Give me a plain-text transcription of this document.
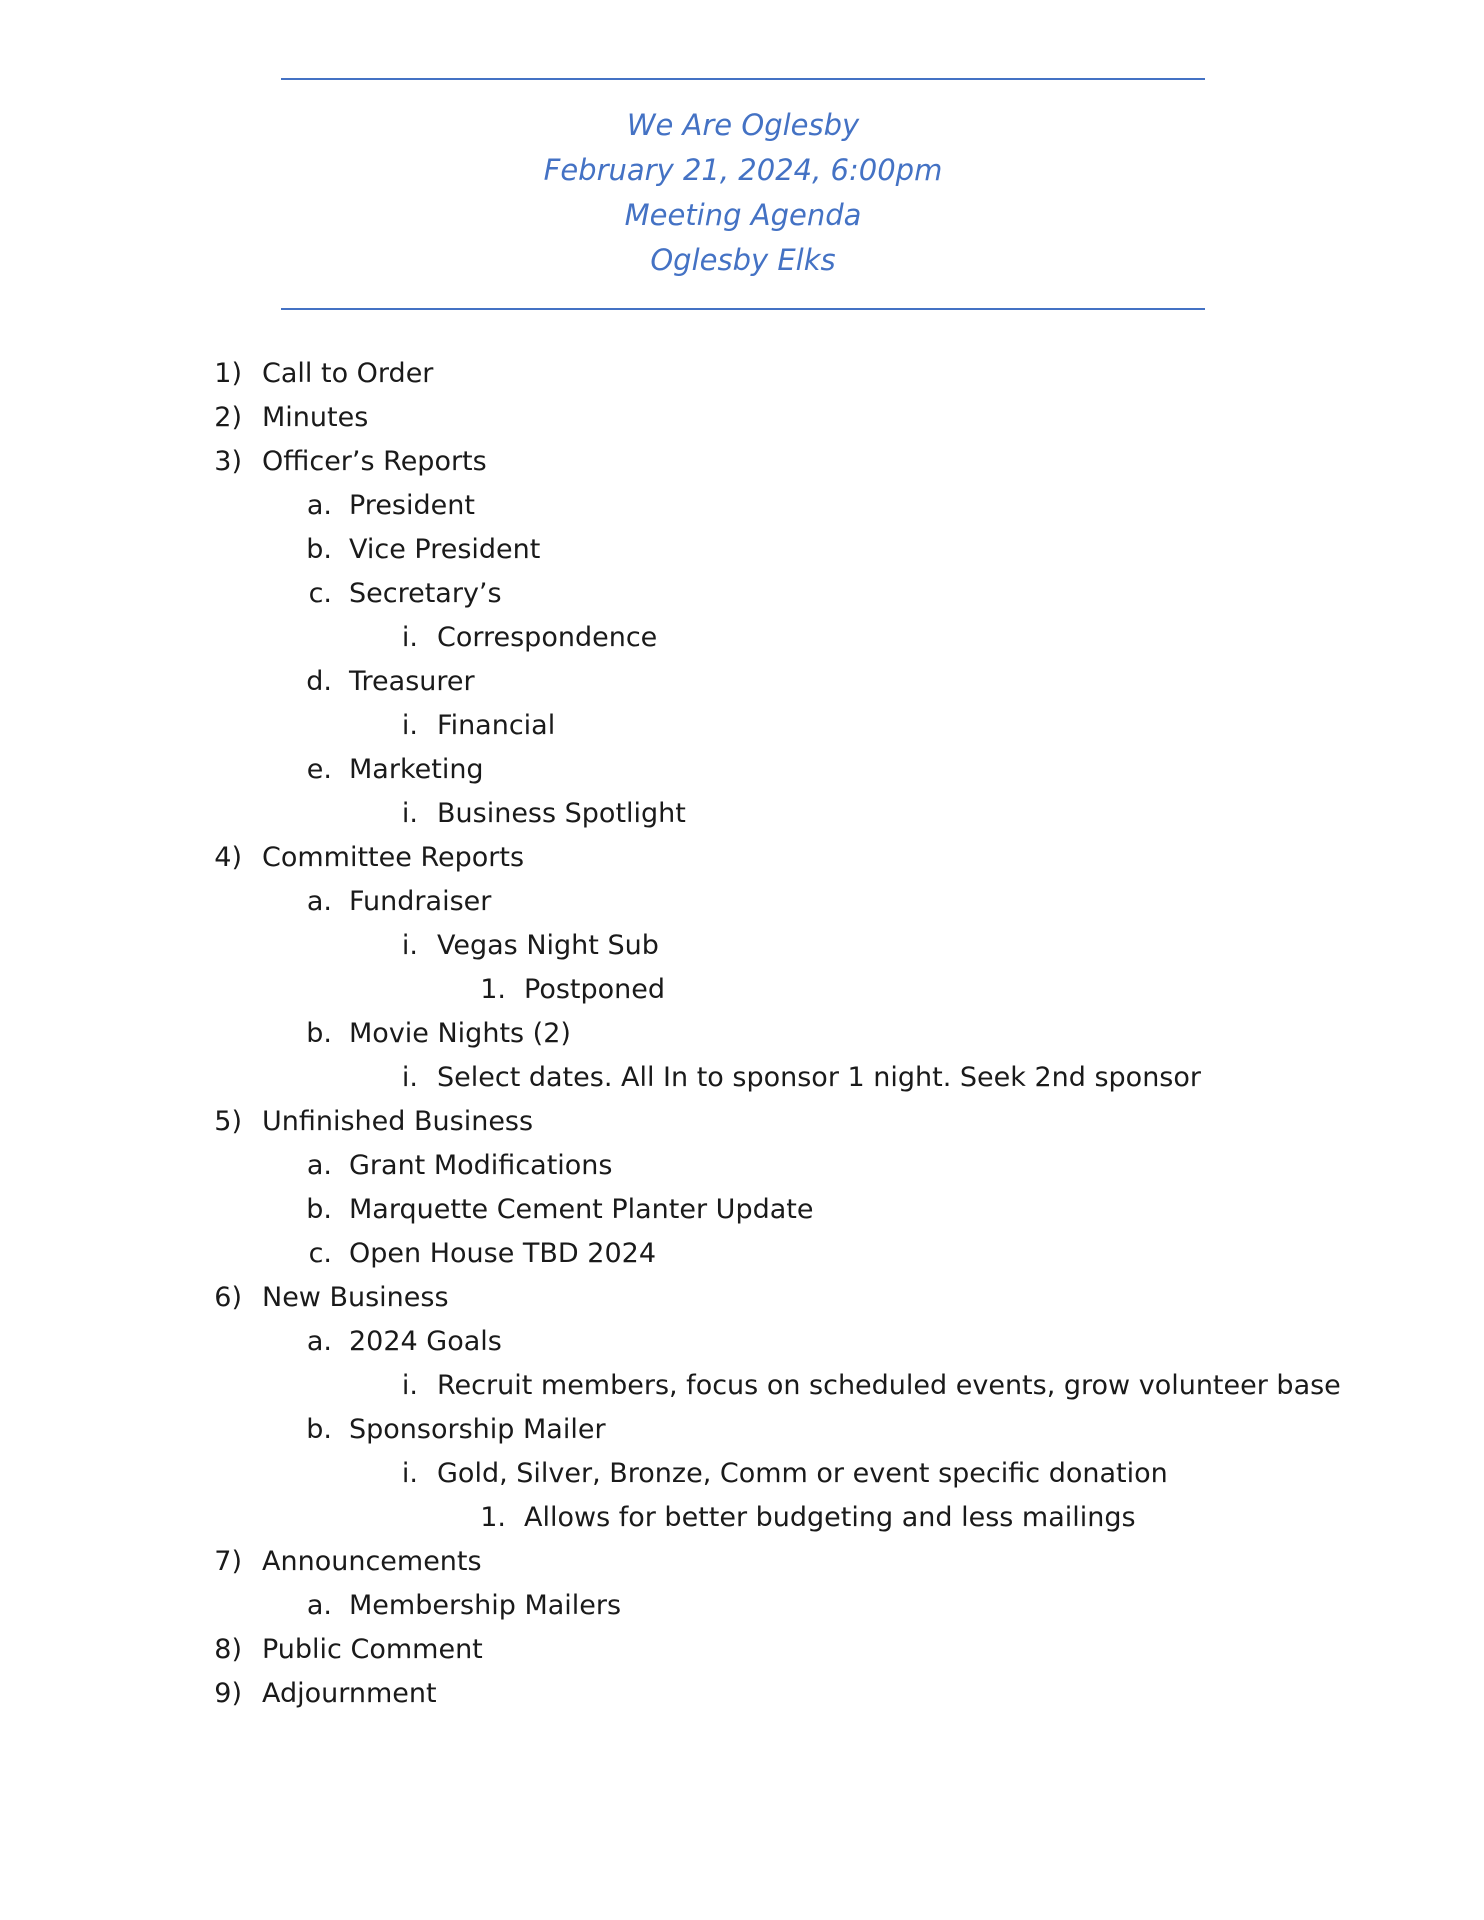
We Are Oglesby
February 21, 2024, 6:00pm
Meeting Agenda
Oglesby Elks
1) Call to Order
2) Minutes
3) Officer’s Reports
a. President
b. Vice President
c. Secretary’s
i. Correspondence
d. Treasurer
i. Financial
e. Marketing
i. Business Spotlight
4) Committee Reports
a. Fundraiser
i. Vegas Night Sub
1. Postponed
b. Movie Nights (2)
i. Select dates. All In to sponsor 1 night. Seek 2nd sponsor
5) Unfinished Business
a. Grant Modifications
b. Marquette Cement Planter Update
c. Open House TBD 2024
6) New Business
a. 2024 Goals
i. Recruit members, focus on scheduled events, grow volunteer base
b. Sponsorship Mailer
i. Gold, Silver, Bronze, Comm or event specific donation
1. Allows for better budgeting and less mailings
7) Announcements
a. Membership Mailers
8) Public Comment
9) Adjournment
